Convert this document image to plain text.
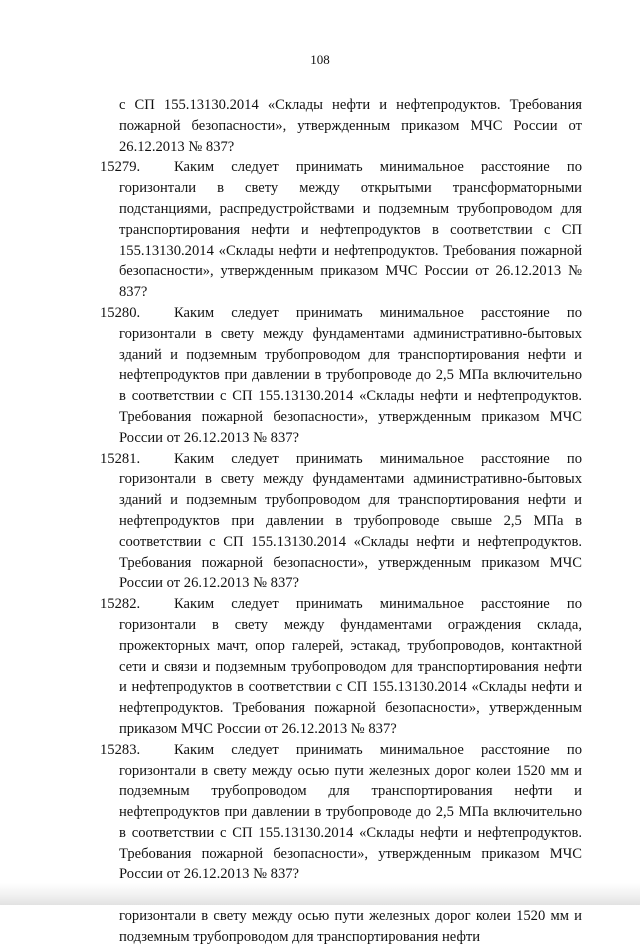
108
с СП 155.13130.2014 «Склады нефти и нефтепродуктов. Требования пожарной безопасности», утвержденным приказом МЧС России от 26.12.2013 № 837?
15279.	Каким следует принимать минимальное расстояние по горизонтали в свету между открытыми трансформаторными подстанциями, распредустройствами и подземным трубопроводом для транспортирования нефти и нефтепродуктов в соответствии с СП 155.13130.2014 «Склады нефти и нефтепродуктов. Требования пожарной безопасности», утвержденным приказом МЧС России от 26.12.2013 № 837?
15280.	Каким следует принимать минимальное расстояние по горизонтали в свету между фундаментами административно-бытовых зданий и подземным трубопроводом для транспортирования нефти и нефтепродуктов при давлении в трубопроводе до 2,5 МПа включительно в соответствии с СП 155.13130.2014 «Склады нефти и нефтепродуктов. Требования пожарной безопасности», утвержденным приказом МЧС России от 26.12.2013 № 837?
15281.	Каким следует принимать минимальное расстояние по горизонтали в свету между фундаментами административно-бытовых зданий и подземным трубопроводом для транспортирования нефти и нефтепродуктов при давлении в трубопроводе свыше 2,5 МПа в соответствии с СП 155.13130.2014 «Склады нефти и нефтепродуктов. Требования пожарной безопасности», утвержденным приказом МЧС России от 26.12.2013 № 837?
15282.	Каким следует принимать минимальное расстояние по горизонтали в свету между фундаментами ограждения склада, прожекторных мачт, опор галерей, эстакад, трубопроводов, контактной сети и связи и подземным трубопроводом для транспортирования нефти и нефтепродуктов в соответствии с СП 155.13130.2014 «Склады нефти и нефтепродуктов. Требования пожарной безопасности», утвержденным приказом МЧС России от 26.12.2013 № 837?
15283.	Каким следует принимать минимальное расстояние по горизонтали в свету между осью пути железных дорог колеи 1520 мм и подземным трубопроводом для транспортирования нефти и нефтепродуктов при давлении в трубопроводе до 2,5 МПа включительно в соответствии с СП 155.13130.2014 «Склады нефти и нефтепродуктов. Требования пожарной безопасности», утвержденным приказом МЧС России от 26.12.2013 № 837?
горизонтали в свету между осью пути железных дорог колеи 1520 мм и подземным трубопроводом для транспортирования нефти
